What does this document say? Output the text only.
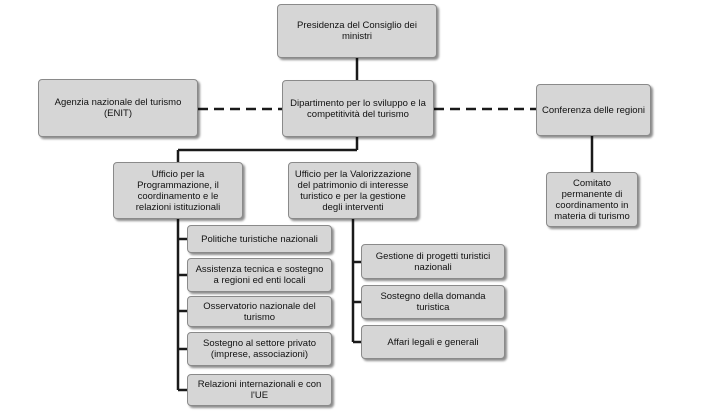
Presidenza del Consiglio dei
ministri
Dipartimento per lo sviluppo e la
competitività del turismo
Agenzia nazionale del turismo
(ENIT)	Conferenza delle regioni
Comitato
permanente di
coordinamento in
materia di turismo
Ufficio per la
Programmazione, il
coordinamento e le
relazioni istituzionali
Ufficio per la Valorizzazione
del patrimonio di interesse
turistico e per la gestione
degli interventi
Politiche turistiche nazionali
Assistenza tecnica e sostegno
a regioni ed enti locali
Osservatorio nazionale del
turismo
Sostegno al settore privato
(imprese, associazioni)
Relazioni internazionali e con
l'UE
Gestione di progetti turistici
nazionali
Sostegno della domanda
turistica
Affari legali e generali
